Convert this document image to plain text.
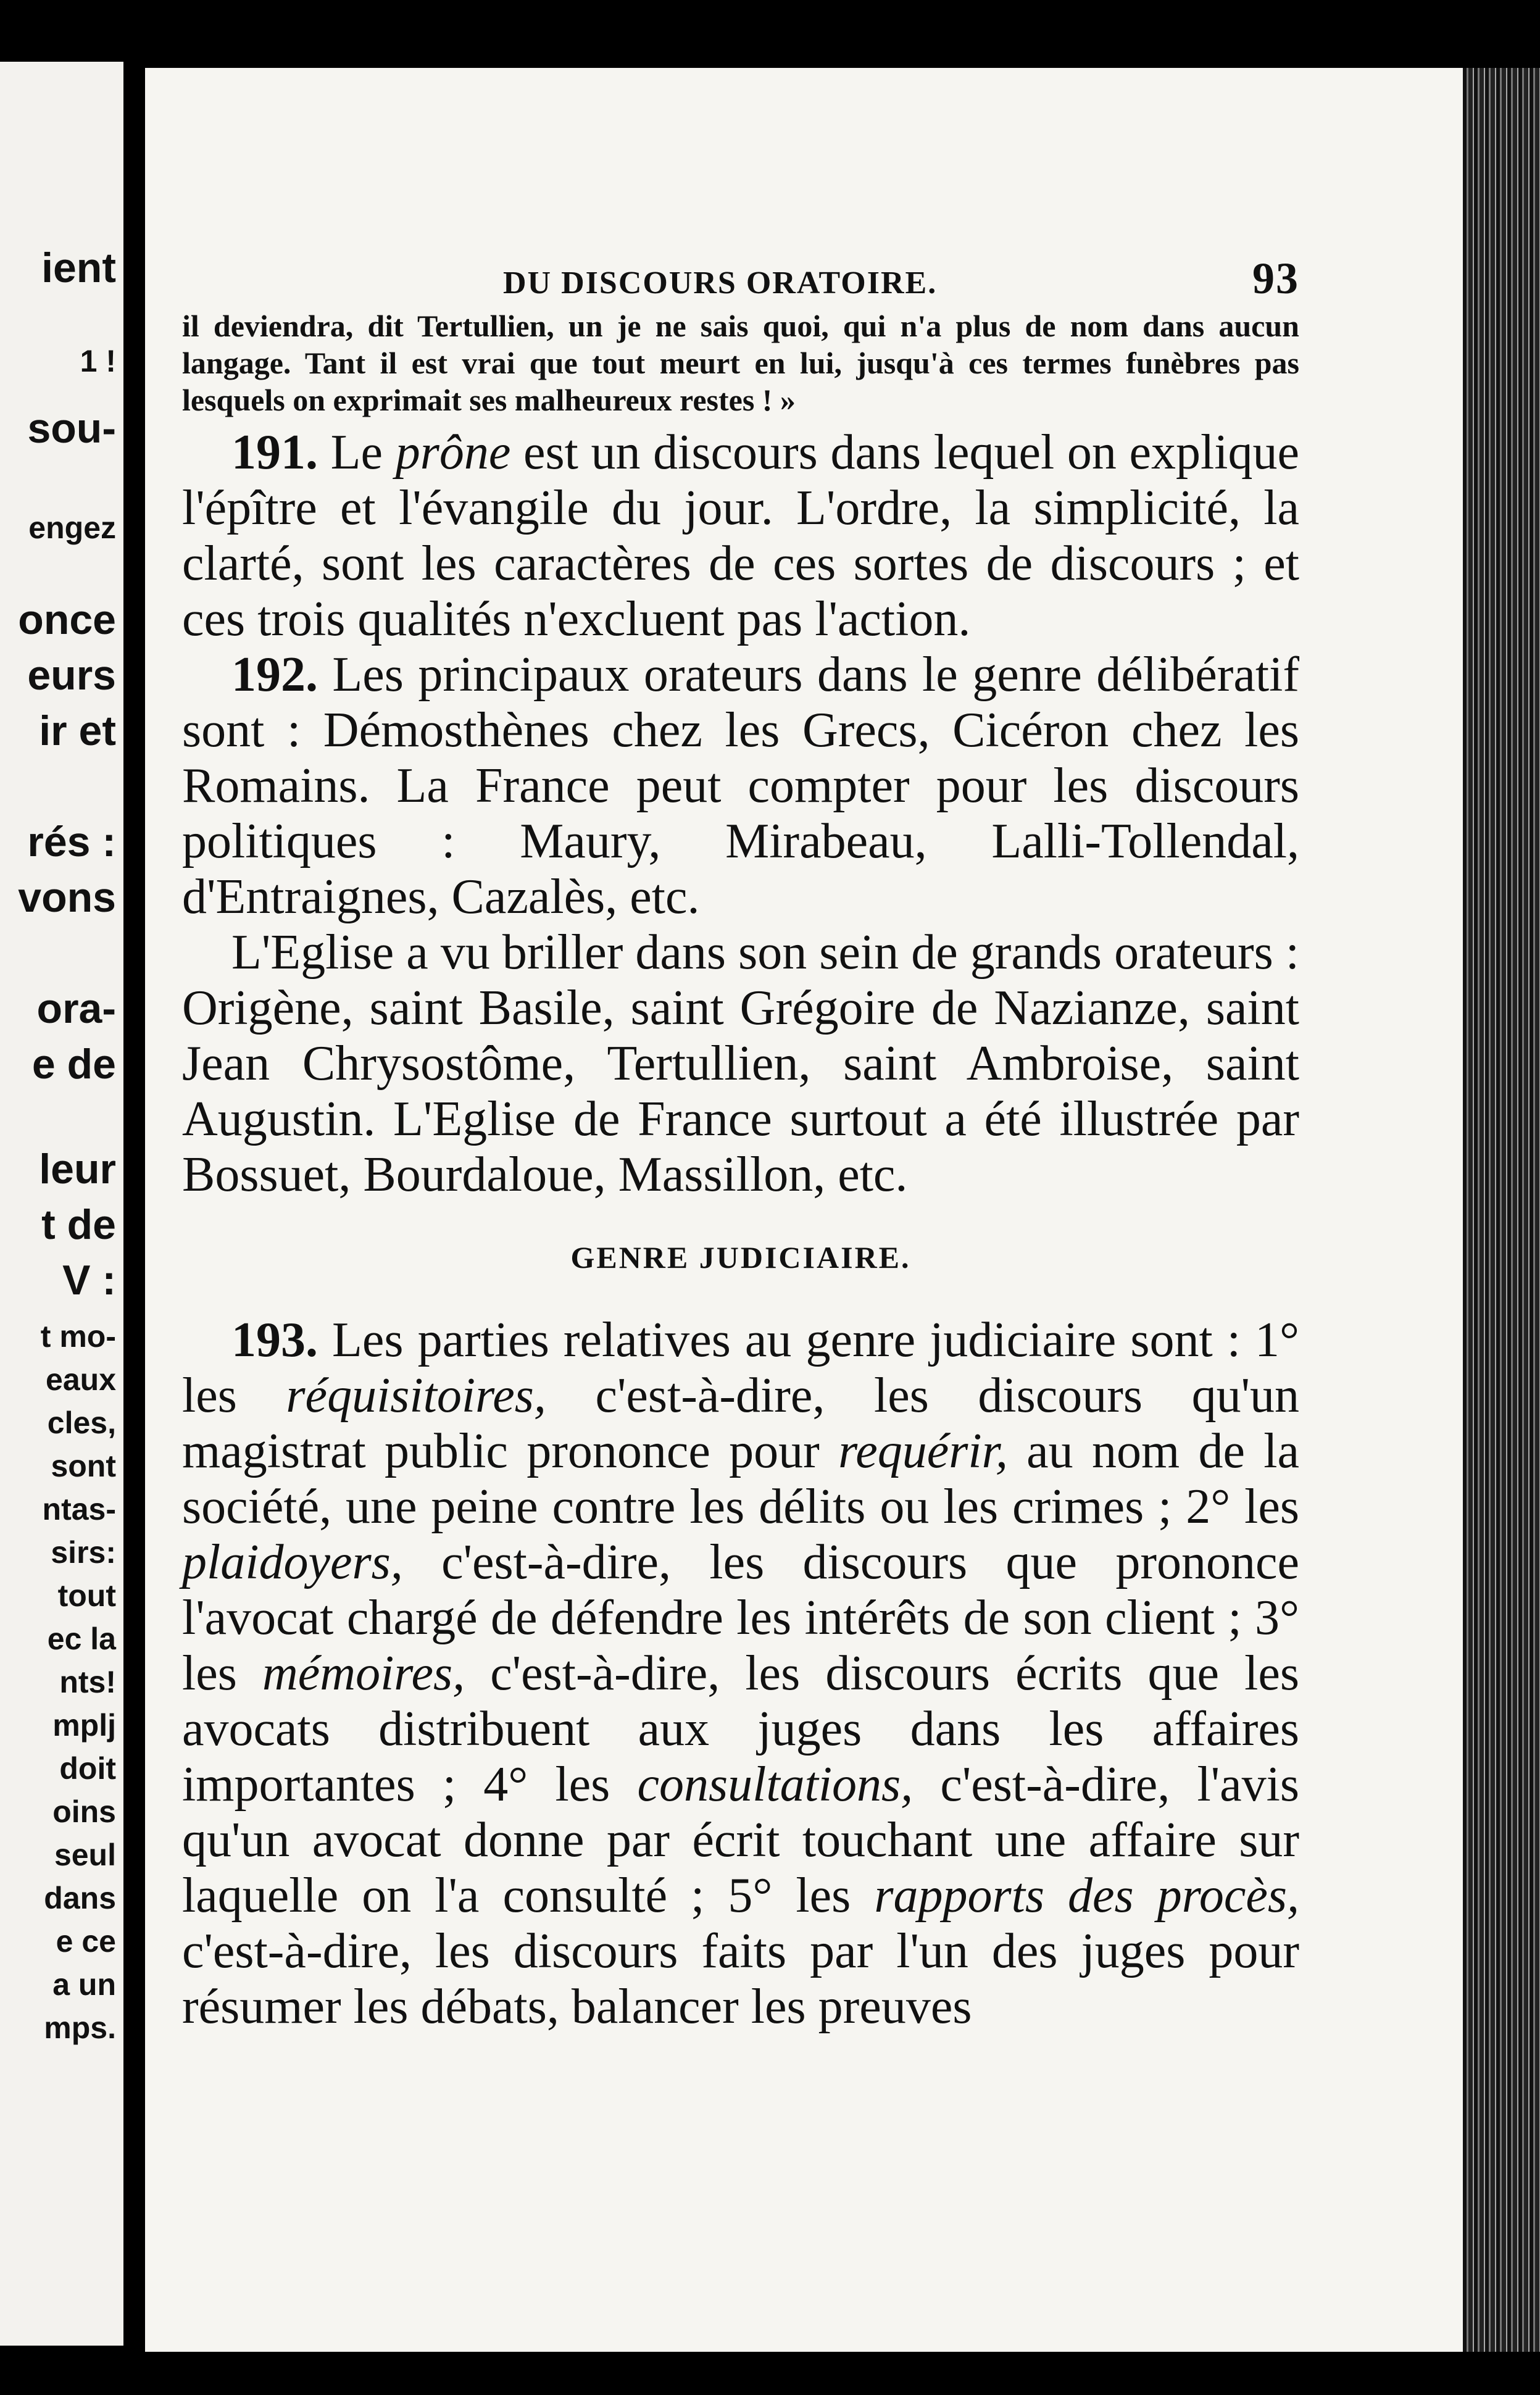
ient
1 !
sou-
engez
once
eurs
ir et
rés :
vons
ora-
e de
leur
t de
V :
t mo-
eaux
cles,
sont
ntas-
sirs:
tout
ec la
nts!
mplj
doit
oins
seul
dans
e ce
a un
mps.
DU DISCOURS ORATOIRE.	93

il deviendra, dit Tertullien, un je ne sais quoi, qui n'a plus de nom dans aucun langage. Tant il est vrai que tout meurt en lui, jusqu'à ces termes funèbres pas lesquels on exprimait ses malheureux restes ! »

191. Le prône est un discours dans lequel on explique l'épître et l'évangile du jour. L'ordre, la simplicité, la clarté, sont les caractères de ces sortes de discours ; et ces trois qualités n'excluent pas l'action.

192. Les principaux orateurs dans le genre délibératif sont : Démosthènes chez les Grecs, Cicéron chez les Romains. La France peut compter pour les discours politiques : Maury, Mirabeau, Lalli-Tollendal, d'Entraignes, Cazalès, etc.

L'Eglise a vu briller dans son sein de grands orateurs : Origène, saint Basile, saint Grégoire de Nazianze, saint Jean Chrysostôme, Tertullien, saint Ambroise, saint Augustin. L'Eglise de France surtout a été illustrée par Bossuet, Bourdaloue, Massillon, etc.

GENRE JUDICIAIRE.

193. Les parties relatives au genre judiciaire sont : 1° les réquisitoires, c'est-à-dire, les discours qu'un magistrat public prononce pour requérir, au nom de la société, une peine contre les délits ou les crimes ; 2° les plaidoyers, c'est-à-dire, les discours que prononce l'avocat chargé de défendre les intérêts de son client ; 3° les mémoires, c'est-à-dire, les discours écrits que les avocats distribuent aux juges dans les affaires importantes ; 4° les consultations, c'est-à-dire, l'avis qu'un avocat donne par écrit touchant une affaire sur laquelle on l'a consulté ; 5° les rapports des procès, c'est-à-dire, les discours faits par l'un des juges pour résumer les débats, balancer les preuves
